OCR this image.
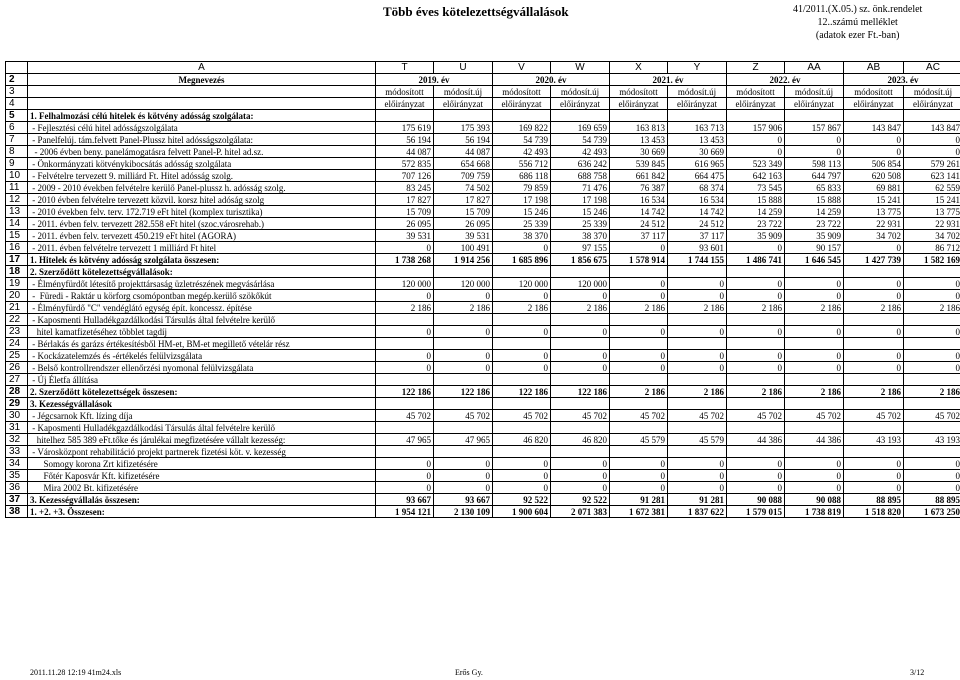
Több éves kötelezettségvállalások	41/2011.(X.05.) sz. önk.rendelet
12..számú melléklet
(adatok ezer Ft.-ban)
	A	T	U	V	W	X	Y	Z	AA	AB	AC
2	Megnevezés	2019. év		2020. év		2021. év		2022. év		2023. év	
3		módosított	módosít.új	módosított	módosít.új	módosított	módosít.új	módosított	módosít.új	módosított	módosít.új
4		előirányzat	előirányzat	előirányzat	előirányzat	előirányzat	előirányzat	előirányzat	előirányzat	előirányzat	előirányzat
5	1. Felhalmozási célú hitelek és kötvény adósság szolgálata:										
6	- Fejlesztési célú hitel adósságszolgálata	175 619	175 393	169 822	169 659	163 813	163 713	157 906	157 867	143 847	143 847
7	- Panelfelúj. tám.felvett Panel-Plussz hitel adósságszolgálata:	56 194	56 194	54 739	54 739	13 453	13 453	0	0	0	0
8	- 2006 évben beny. panelámogatásra felvett Panel-P. hitel ad.sz.	44 087	44 087	42 493	42 493	30 669	30 669	0	0	0	0
9	- Önkormányzati kötvénykibocsátás adósság szolgálata	572 835	654 668	556 712	636 242	539 845	616 965	523 349	598 113	506 854	579 261
10	- Felvételre tervezett 9. milliárd Ft. Hitel adósság szolg.	707 126	709 759	686 118	688 758	661 842	664 475	642 163	644 797	620 508	623 141
11	- 2009 - 2010 években felvételre kerülő Panel-plussz h. adósság szolg.	83 245	74 502	79 859	71 476	76 387	68 374	73 545	65 833	69 881	62 559
12	- 2010 évben felvételre tervezett közvil. korsz hitel adóság szolg	17 827	17 827	17 198	17 198	16 534	16 534	15 888	15 888	15 241	15 241
13	- 2010 években felv. terv. 172.719 eFt hitel (komplex turisztika)	15 709	15 709	15 246	15 246	14 742	14 742	14 259	14 259	13 775	13 775
14	- 2011. évben felv. tervezett 282.558 eFt hitel (szoc.városrehab.)	26 095	26 095	25 339	25 339	24 512	24 512	23 722	23 722	22 931	22 931
15	- 2011. évben felv. tervezett 450.219 eFt hitel (AGORA)	39 531	39 531	38 370	38 370	37 117	37 117	35 909	35 909	34 702	34 702
16	- 2011. évben felvételre tervezett 1 milliárd Ft hitel	0	100 491	0	97 155	0	93 601	0	90 157	0	86 712
17	1. Hitelek és kötvény adósság szolgálata összesen:	1 738 268	1 914 256	1 685 896	1 856 675	1 578 914	1 744 155	1 486 741	1 646 545	1 427 739	1 582 169
18	2. Szerződött kötelezettségvállalások:										
19	- Élményfürdőt létesítő projekttársaság üzletrészének megvásárlása	120 000	120 000	120 000	120 000	0	0	0	0	0	0
20	-  Füredi - Raktár u körforg csomópontban megép.kerülő szökőkút	0	0	0	0	0	0	0	0	0	0
21	- Élményfürdő "C" vendéglátó egység épít. koncessz. építése	2 186	2 186	2 186	2 186	2 186	2 186	2 186	2 186	2 186	2 186
22	- Kaposmenti Hulladékgazdálkodási Társulás által felvételre kerülő										
23	hitel kamatfizetéséhez többlet tagdíj	0	0	0	0	0	0	0	0	0	0
24	- Bérlakás és garázs értékesítésből HM-et, BM-et megillető vételár rész										
25	- Kockázatelemzés és -értékelés felülvizsgálata	0	0	0	0	0	0	0	0	0	0
26	- Belső kontrollrendszer ellenőrzési nyomonal felülvizsgálata	0	0	0	0	0	0	0	0	0	0
27	- Új Életfa állítása										
28	2. Szerződött kötelezettségek összesen:	122 186	122 186	122 186	122 186	2 186	2 186	2 186	2 186	2 186	2 186
29	3. Kezességvállalások										
30	- Jégcsarnok Kft. lízing díja	45 702	45 702	45 702	45 702	45 702	45 702	45 702	45 702	45 702	45 702
31	- Kaposmenti Hulladékgazdálkodási Társulás által felvételre kerülő										
32	hitelhez 585 389 eFt.tőke és járulékai megfizetésére vállalt kezesség:	47 965	47 965	46 820	46 820	45 579	45 579	44 386	44 386	43 193	43 193
33	- Városközpont rehabilitáció projekt partnerek fizetési köt. v. kezesség										
34	Somogy korona Zrt kifizetésére	0	0	0	0	0	0	0	0	0	0
35	Főtér Kaposvár Kft. kifizetésére	0	0	0	0	0	0	0	0	0	0
36	Mira 2002 Bt. kifizetésére	0	0	0	0	0	0	0	0	0	0
37	3. Kezességvállalás összesen:	93 667	93 667	92 522	92 522	91 281	91 281	90 088	90 088	88 895	88 895
38	1. +2. +3. Összesen:	1 954 121	2 130 109	1 900 604	2 071 383	1 672 381	1 837 622	1 579 015	1 738 819	1 518 820	1 673 250
2011.11.28 12:19 41m24.xls	Erős Gy.	3/12
